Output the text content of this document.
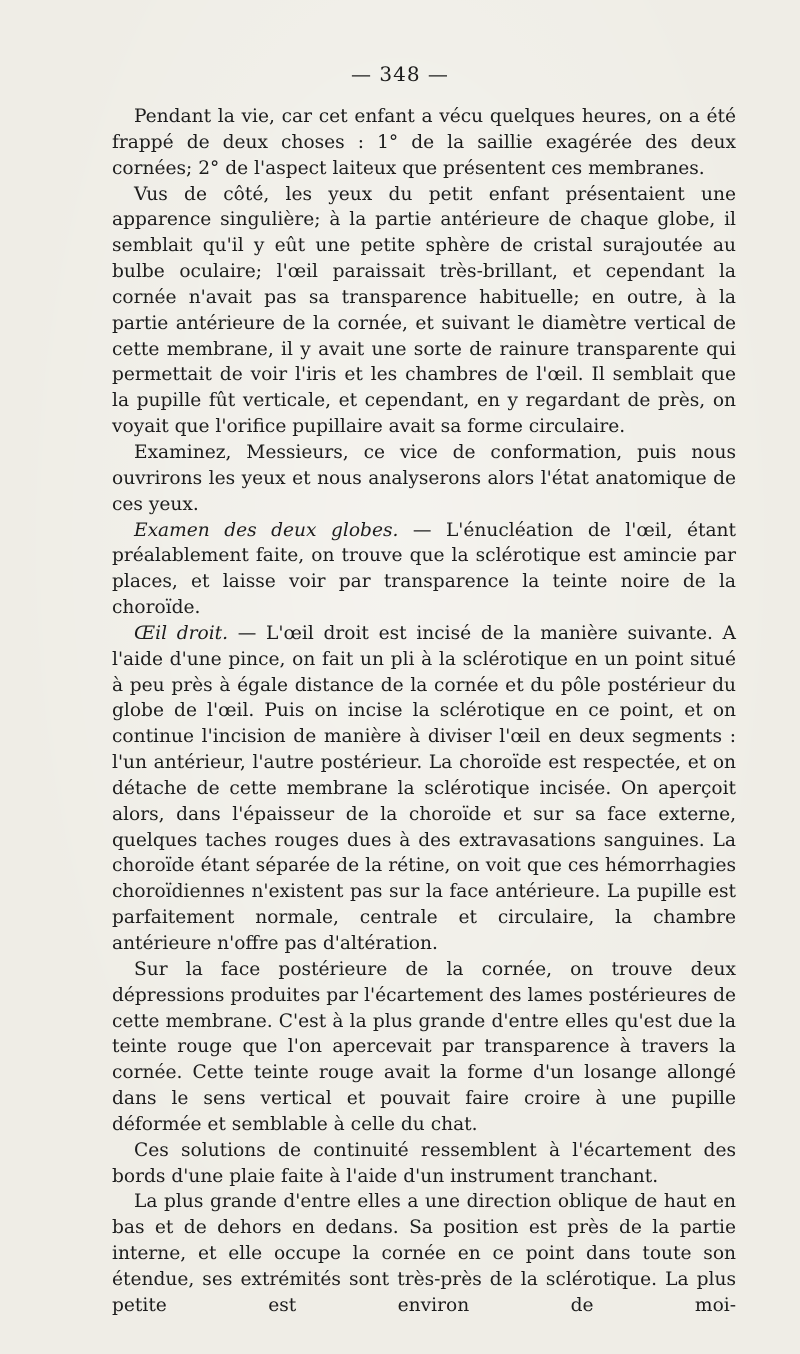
— 348 —

Pendant la vie, car cet enfant a vécu quelques heures, on a été frappé de deux choses : 1° de la saillie exagérée des deux cornées; 2° de l'aspect laiteux que présentent ces membranes.

Vus de côté, les yeux du petit enfant présentaient une apparence singulière; à la partie antérieure de chaque globe, il semblait qu'il y eût une petite sphère de cristal surajoutée au bulbe oculaire; l'œil paraissait très-brillant, et cependant la cornée n'avait pas sa transparence habituelle; en outre, à la partie antérieure de la cornée, et suivant le diamètre vertical de cette membrane, il y avait une sorte de rainure transparente qui permettait de voir l'iris et les chambres de l'œil. Il semblait que la pupille fût verticale, et cependant, en y regardant de près, on voyait que l'orifice pupillaire avait sa forme circulaire.

Examinez, Messieurs, ce vice de conformation, puis nous ouvrirons les yeux et nous analyserons alors l'état anatomique de ces yeux.

Examen des deux globes. — L'énucléation de l'œil, étant préalablement faite, on trouve que la sclérotique est amincie par places, et laisse voir par transparence la teinte noire de la choroïde.

Œil droit. — L'œil droit est incisé de la manière suivante. A l'aide d'une pince, on fait un pli à la sclérotique en un point situé à peu près à égale distance de la cornée et du pôle postérieur du globe de l'œil. Puis on incise la sclérotique en ce point, et on continue l'incision de manière à diviser l'œil en deux segments : l'un antérieur, l'autre postérieur. La choroïde est respectée, et on détache de cette membrane la sclérotique incisée. On aperçoit alors, dans l'épaisseur de la choroïde et sur sa face externe, quelques taches rouges dues à des extravasations sanguines. La choroïde étant séparée de la rétine, on voit que ces hémorrhagies choroïdiennes n'existent pas sur la face antérieure. La pupille est parfaitement normale, centrale et circulaire, la chambre antérieure n'offre pas d'altération.

Sur la face postérieure de la cornée, on trouve deux dépressions produites par l'écartement des lames postérieures de cette membrane. C'est à la plus grande d'entre elles qu'est due la teinte rouge que l'on apercevait par transparence à travers la cornée. Cette teinte rouge avait la forme d'un losange allongé dans le sens vertical et pouvait faire croire à une pupille déformée et semblable à celle du chat.

Ces solutions de continuité ressemblent à l'écartement des bords d'une plaie faite à l'aide d'un instrument tranchant.

La plus grande d'entre elles a une direction oblique de haut en bas et de dehors en dedans. Sa position est près de la partie interne, et elle occupe la cornée en ce point dans toute son étendue, ses extrémités sont très-près de la sclérotique. La plus petite est environ de moi-
